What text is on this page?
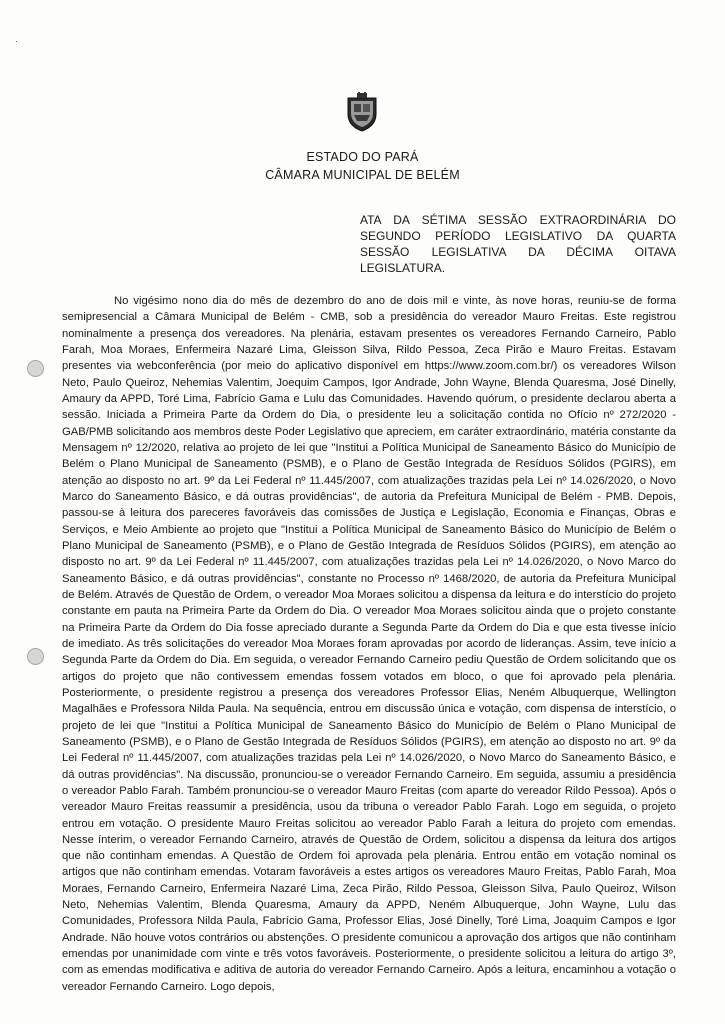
·
ESTADO DO PARÁ
CÂMARA MUNICIPAL DE BELÉM
ATA DA SÉTIMA SESSÃO EXTRAORDINÁRIA DO SEGUNDO PERÍODO LEGISLATIVO DA QUARTA SESSÃO LEGISLATIVA DA DÉCIMA OITAVA LEGISLATURA.

No vigésimo nono dia do mês de dezembro do ano de dois mil e vinte, às nove horas, reuniu-se de forma semipresencial a Câmara Municipal de Belém - CMB, sob a presidência do vereador Mauro Freitas. Este registrou nominalmente a presença dos vereadores. Na plenária, estavam presentes os vereadores Fernando Carneiro, Pablo Farah, Moa Moraes, Enfermeira Nazaré Lima, Gleisson Silva, Rildo Pessoa, Zeca Pirão e Mauro Freitas. Estavam presentes via webconferência (por meio do aplicativo disponível em https://www.zoom.com.br/) os vereadores Wilson Neto, Paulo Queiroz, Nehemias Valentim, Joequim Campos, Igor Andrade, John Wayne, Blenda Quaresma, José Dinelly, Amaury da APPD, Toré Lima, Fabrício Gama e Lulu das Comunidades. Havendo quórum, o presidente declarou aberta a sessão. Iniciada a Primeira Parte da Ordem do Dia, o presidente leu a solicitação contida no Ofício nº 272/2020 - GAB/PMB solicitando aos membros deste Poder Legislativo que apreciem, em caráter extraordinário, matéria constante da Mensagem nº 12/2020, relativa ao projeto de lei que "Institui a Política Municipal de Saneamento Básico do Município de Belém o Plano Municipal de Saneamento (PSMB), e o Plano de Gestão Integrada de Resíduos Sólidos (PGIRS), em atenção ao disposto no art. 9º da Lei Federal nº 11.445/2007, com atualizações trazidas pela Lei nº 14.026/2020, o Novo Marco do Saneamento Básico, e dá outras providências", de autoria da Prefeitura Municipal de Belém - PMB. Depois, passou-se à leitura dos pareceres favoráveis das comissões de Justiça e Legislação, Economia e Finanças, Obras e Serviços, e Meio Ambiente ao projeto que "Institui a Política Municipal de Saneamento Básico do Município de Belém o Plano Municipal de Saneamento (PSMB), e o Plano de Gestão Integrada de Resíduos Sólidos (PGIRS), em atenção ao disposto no art. 9º da Lei Federal nº 11.445/2007, com atualizações trazidas pela Lei nº 14.026/2020, o Novo Marco do Saneamento Básico, e dá outras providências", constante no Processo nº 1468/2020, de autoria da Prefeitura Municipal de Belém. Através de Questão de Ordem, o vereador Moa Moraes solicitou a dispensa da leitura e do interstício do projeto constante em pauta na Primeira Parte da Ordem do Dia. O vereador Moa Moraes solicitou ainda que o projeto constante na Primeira Parte da Ordem do Dia fosse apreciado durante a Segunda Parte da Ordem do Dia e que esta tivesse início de imediato. As três solicitações do vereador Moa Moraes foram aprovadas por acordo de lideranças. Assim, teve início a Segunda Parte da Ordem do Dia. Em seguida, o vereador Fernando Carneiro pediu Questão de Ordem solicitando que os artigos do projeto que não contivessem emendas fossem votados em bloco, o que foi aprovado pela plenária. Posteriormente, o presidente registrou a presença dos vereadores Professor Elias, Neném Albuquerque, Wellington Magalhães e Professora Nilda Paula. Na sequência, entrou em discussão única e votação, com dispensa de interstício, o projeto de lei que "Institui a Política Municipal de Saneamento Básico do Município de Belém o Plano Municipal de Saneamento (PSMB), e o Plano de Gestão Integrada de Resíduos Sólidos (PGIRS), em atenção ao disposto no art. 9º da Lei Federal nº 11.445/2007, com atualizações trazidas pela Lei nº 14.026/2020, o Novo Marco do Saneamento Básico, e dá outras providências". Na discussão, pronunciou-se o vereador Fernando Carneiro. Em seguida, assumiu a presidência o vereador Pablo Farah. Também pronunciou-se o vereador Mauro Freitas (com aparte do vereador Rildo Pessoa). Após o vereador Mauro Freitas reassumir a presidência, usou da tribuna o vereador Pablo Farah. Logo em seguida, o projeto entrou em votação. O presidente Mauro Freitas solicitou ao vereador Pablo Farah a leitura do projeto com emendas. Nesse ínterim, o vereador Fernando Carneiro, através de Questão de Ordem, solicitou a dispensa da leitura dos artigos que não continham emendas. A Questão de Ordem foi aprovada pela plenária. Entrou então em votação nominal os artigos que não continham emendas. Votaram favoráveis a estes artigos os vereadores Mauro Freitas, Pablo Farah, Moa Moraes, Fernando Carneiro, Enfermeira Nazaré Lima, Zeca Pirão, Rildo Pessoa, Gleisson Silva, Paulo Queiroz, Wilson Neto, Nehemias Valentim, Blenda Quaresma, Amaury da APPD, Neném Albuquerque, John Wayne, Lulu das Comunidades, Professora Nilda Paula, Fabrício Gama, Professor Elias, José Dinelly, Toré Lima, Joaquim Campos e Igor Andrade. Não houve votos contrários ou abstenções. O presidente comunicou a aprovação dos artigos que não continham emendas por unanimidade com vinte e três votos favoráveis. Posteriormente, o presidente solicitou a leitura do artigo 3º, com as emendas modificativa e aditiva de autoria do vereador Fernando Carneiro. Após a leitura, encaminhou a votação o vereador Fernando Carneiro. Logo depois,
